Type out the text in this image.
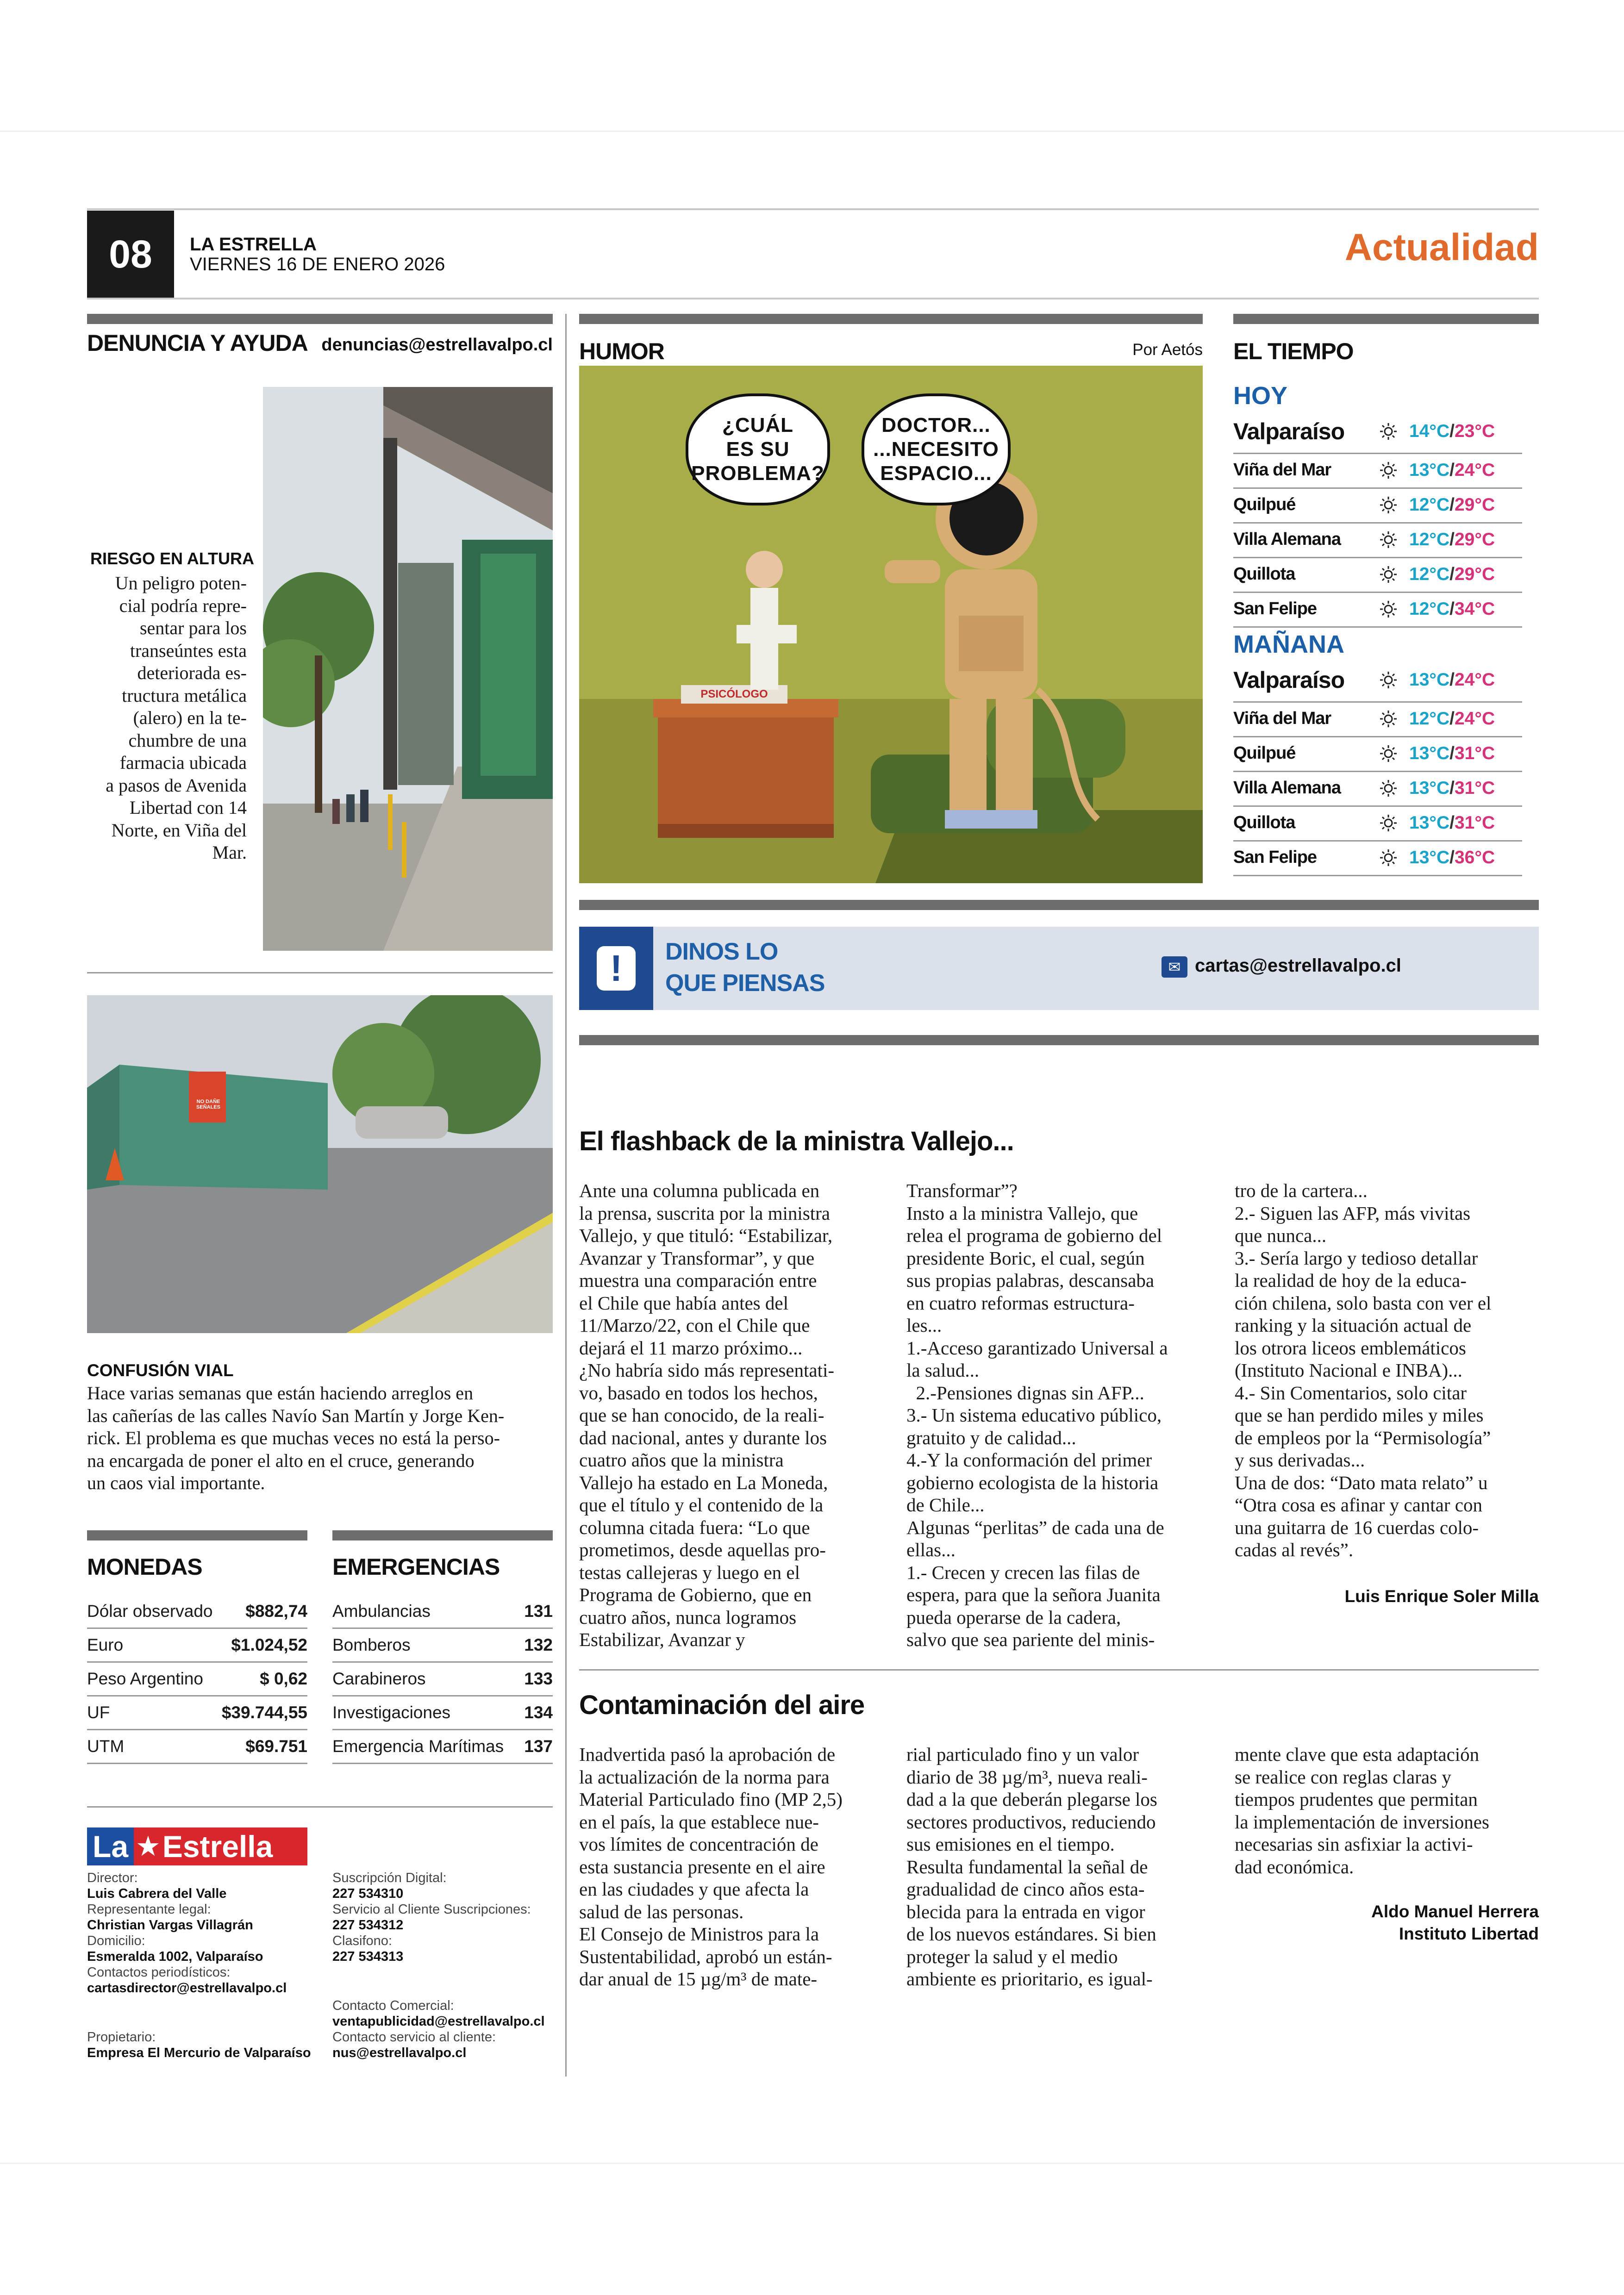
08 LA ESTRELLA
VIERNES 16 DE ENERO 2026	Actualidad
DENUNCIA Y AYUDA denuncias@estrellavalpo.cl
RIESGO EN ALTURA
Un peligro poten-
cial podría repre-
sentar para los
transeúntes esta
deteriorada es-
tructura metálica
(alero) en la te-
chumbre de una
farmacia ubicada
a pasos de Avenida
Libertad con 14
Norte, en Viña del
Mar.
NO DAÑE SEÑALES
CONFUSIÓN VIAL
Hace varias semanas que están haciendo arreglos en
las cañerías de las calles Navío San Martín y Jorge Ken-
rick. El problema es que muchas veces no está la perso-
na encargada de poner el alto en el cruce, generando
un caos vial importante.
MONEDAS
Dólar observado $882,74
Euro	$1.024,52
Peso Argentino	$ 0,62
UF	$39.744,55
UTM	$69.751
EMERGENCIAS
Ambulancias	131
Bomberos	132
Carabineros	133
Investigaciones	134
Emergencia Marítimas 137
La ★ Estrella
Director:
Luis Cabrera del Valle
Representante legal:
Christian Vargas Villagrán
Domicilio:
Esmeralda 1002, Valparaíso
Contactos periodísticos:
cartasdirector@estrellavalpo.cl
Propietario:
Empresa El Mercurio de Valparaíso
Suscripción Digital:
227 534310
Servicio al Cliente Suscripciones:
227 534312
Clasifono:
227 534313
Contacto Comercial:
ventapublicidad@estrellavalpo.cl
Contacto servicio al cliente:
nus@estrellavalpo.cl
HUMOR	Por Aetós
¿CUÁL
ES SU
PROBLEMA?
DOCTOR...
...NECESITO
ESPACIO...
PSICÓLOGO
EL TIEMPO
HOY
Valparaíso	14°C/23°C
Viña del Mar	13°C/24°C
Quilpué	12°C/29°C
Villa Alemana	12°C/29°C
Quillota	12°C/29°C
San Felipe	12°C/34°C
MAÑANA
Valparaíso	13°C/24°C
Viña del Mar	12°C/24°C
Quilpué	13°C/31°C
Villa Alemana	13°C/31°C
Quillota	13°C/31°C
San Felipe	13°C/36°C
!	DINOS LO
QUE PIENSAS
✉ cartas@estrellavalpo.cl
El flashback de la ministra Vallejo...
Ante una columna publicada en
la prensa, suscrita por la ministra
Vallejo, y que tituló: “Estabilizar,
Avanzar y Transformar”, y que
muestra una comparación entre
el Chile que había antes del
11/Marzo/22, con el Chile que
dejará el 11 marzo próximo...
¿No habría sido más representati-
vo, basado en todos los hechos,
que se han conocido, de la reali-
dad nacional, antes y durante los
cuatro años que la ministra
Vallejo ha estado en La Moneda,
que el título y el contenido de la
columna citada fuera: “Lo que
prometimos, desde aquellas pro-
testas callejeras y luego en el
Programa de Gobierno, que en
cuatro años, nunca logramos
Estabilizar, Avanzar y
Transformar”?
Insto a la ministra Vallejo, que
relea el programa de gobierno del
presidente Boric, el cual, según
sus propias palabras, descansaba
en cuatro reformas estructura-
les...
1.-Acceso garantizado Universal a
la salud...
2.-Pensiones dignas sin AFP...
3.- Un sistema educativo público,
gratuito y de calidad...
4.-Y la conformación del primer
gobierno ecologista de la historia
de Chile...
Algunas “perlitas” de cada una de
ellas...
1.- Crecen y crecen las filas de
espera, para que la señora Juanita
pueda operarse de la cadera,
salvo que sea pariente del minis-
tro de la cartera...
2.- Siguen las AFP, más vivitas
que nunca...
3.- Sería largo y tedioso detallar
la realidad de hoy de la educa-
ción chilena, solo basta con ver el
ranking y la situación actual de
los otrora liceos emblemáticos
(Instituto Nacional e INBA)...
4.- Sin Comentarios, solo citar
que se han perdido miles y miles
de empleos por la “Permisología”
y sus derivadas...
Una de dos: “Dato mata relato” u
“Otra cosa es afinar y cantar con
una guitarra de 16 cuerdas colo-
cadas al revés”.
Luis Enrique Soler Milla
Contaminación del aire
Inadvertida pasó la aprobación de
la actualización de la norma para
Material Particulado fino (MP 2,5)
en el país, la que establece nue-
vos límites de concentración de
esta sustancia presente en el aire
en las ciudades y que afecta la
salud de las personas.
El Consejo de Ministros para la
Sustentabilidad, aprobó un están-
dar anual de 15 µg/m³ de mate-
rial particulado fino y un valor
diario de 38 µg/m³, nueva reali-
dad a la que deberán plegarse los
sectores productivos, reduciendo
sus emisiones en el tiempo.
Resulta fundamental la señal de
gradualidad de cinco años esta-
blecida para la entrada en vigor
de los nuevos estándares. Si bien
proteger la salud y el medio
ambiente es prioritario, es igual-
mente clave que esta adaptación
se realice con reglas claras y
tiempos prudentes que permitan
la implementación de inversiones
necesarias sin asfixiar la activi-
dad económica.
Aldo Manuel Herrera
Instituto Libertad
